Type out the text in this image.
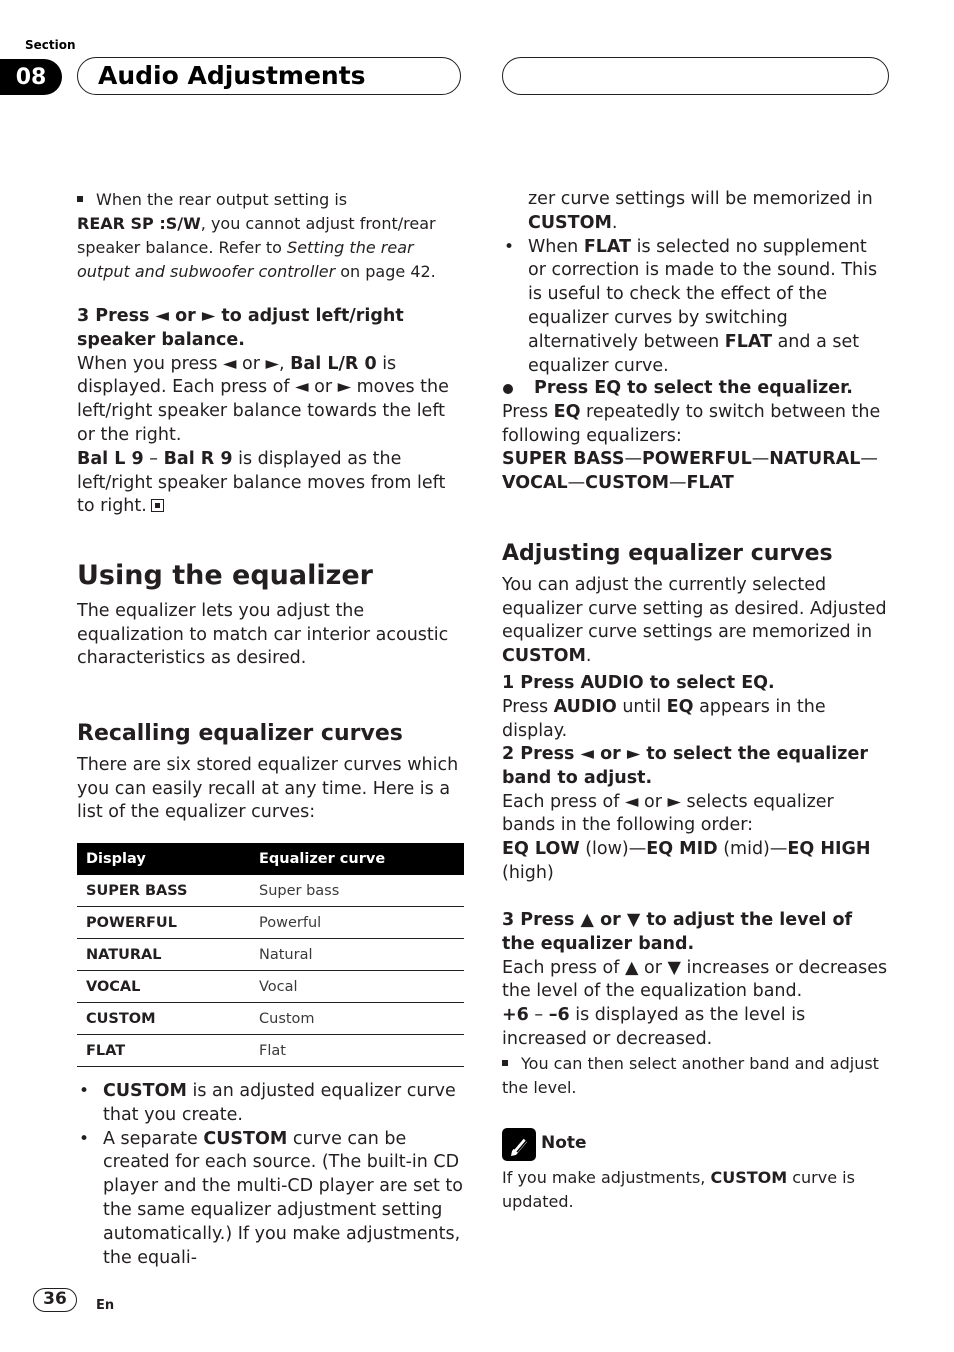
Section
08	Audio Adjustments

When the rear output setting is
REAR SP :S/W, you cannot adjust front/rear speaker balance. Refer to Setting the rear output and subwoofer controller on page 42.

3 Press ◄ or ► to adjust left/right speaker balance.

When you press ◄ or ►, Bal L/R 0 is displayed. Each press of ◄ or ► moves the left/right speaker balance towards the left or the right.

Bal L 9 – Bal R 9 is displayed as the left/right speaker balance moves from left to right.

Using the equalizer

The equalizer lets you adjust the equalization to match car interior acoustic characteristics as desired.

Recalling equalizer curves

There are six stored equalizer curves which you can easily recall at any time. Here is a list of the equalizer curves:

Display	Equalizer curve
SUPER BASS	Super bass
POWERFUL	Powerful
NATURAL	Natural
VOCAL	Vocal
CUSTOM	Custom
FLAT	Flat

• CUSTOM is an adjusted equalizer curve that you create.

• A separate CUSTOM curve can be created for each source. (The built-in CD player and the multi-CD player are set to the same equalizer adjustment setting automatically.) If you make adjustments, the equali-

zer curve settings will be memorized in CUSTOM.

• When FLAT is selected no supplement or correction is made to the sound. This is useful to check the effect of the equalizer curves by switching alternatively between FLAT and a set equalizer curve.

Press EQ to select the equalizer.

Press EQ repeatedly to switch between the following equalizers:

SUPER BASS—POWERFUL—NATURAL—
VOCAL—CUSTOM—FLAT

Adjusting equalizer curves

You can adjust the currently selected equalizer curve setting as desired. Adjusted equalizer curve settings are memorized in CUSTOM.

1 Press AUDIO to select EQ.

Press AUDIO until EQ appears in the display.

2 Press ◄ or ► to select the equalizer band to adjust.

Each press of ◄ or ► selects equalizer bands in the following order:

EQ LOW (low)—EQ MID (mid)—EQ HIGH (high)

3 Press ▲ or ▼ to adjust the level of the equalizer band.

Each press of ▲ or ▼ increases or decreases the level of the equalization band.

+6 – –6 is displayed as the level is increased or decreased.

You can then select another band and adjust the level.

Note
If you make adjustments, CUSTOM curve is updated.
36	En
